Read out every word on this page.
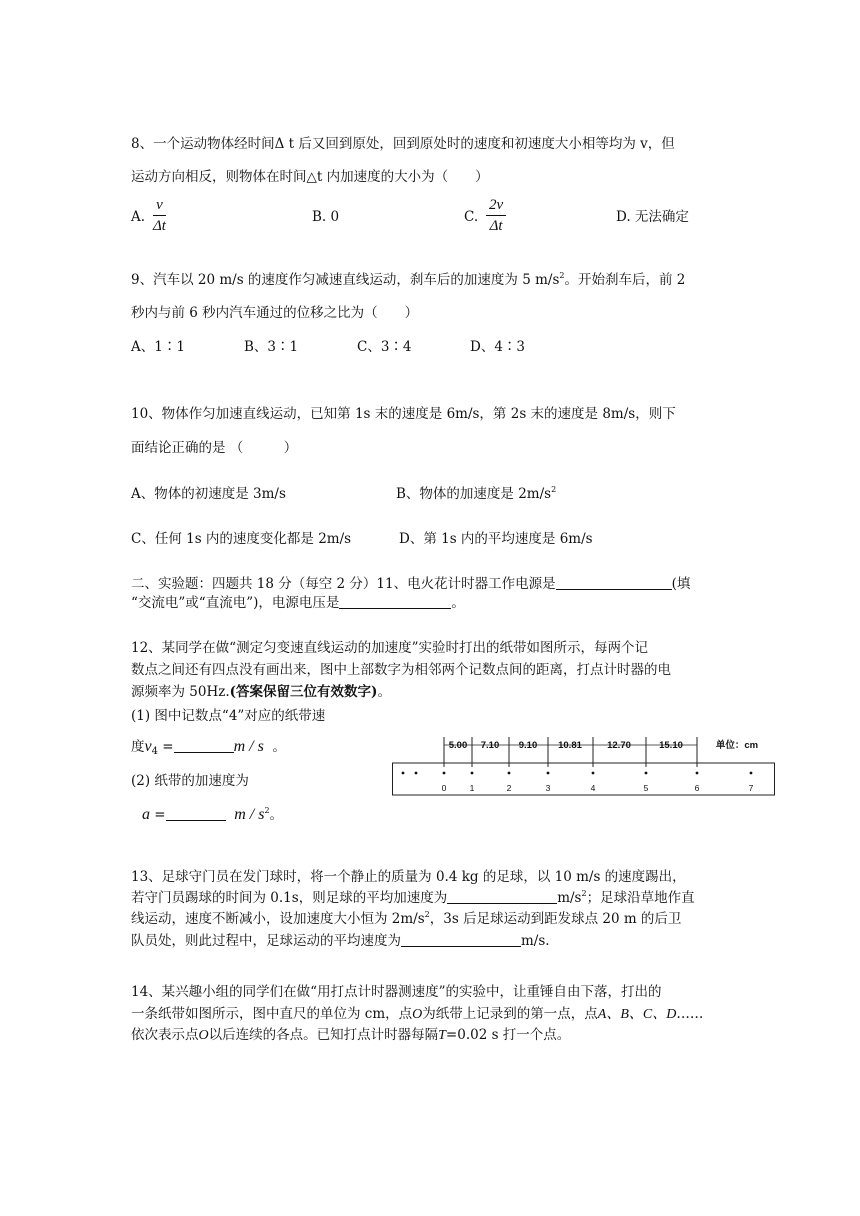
8、一个运动物体经时间Δ t 后又回到原处，回到原处时的速度和初速度大小相等均为 v，但
运动方向相反，则物体在时间△t 内加速度的大小为（　　）
A. $\frac{v}{\Delta t}$	B. 0	C. $\frac{2v}{\Delta t}$	D. 无法确定
9、汽车以 20 m/s 的速度作匀减速直线运动，刹车后的加速度为 5 $m/s^2$。开始刹车后，前 2
秒内与前 6 秒内汽车通过的位移之比为（　　）
A、1∶1	B、3∶1	C、3∶4	D、4∶3
10、物体作匀加速直线运动，已知第 1s 末的速度是 6m/s，第 2s 末的速度是 8m/s，则下
面结论正确的是 （　　　）
A、物体的初速度是 3m/s	B、物体的加速度是 $2m/s^2$
C、任何 1s 内的速度变化都是 2m/s	D、第 1s 内的平均速度是 6m/s
二、实验题：四题共 18 分（每空 2 分）11、电火花计时器工作电源是	(填
“交流电”或“直流电”)，电源电压是	。
12、某同学在做“测定匀变速直线运动的加速度”实验时打出的纸带如图所示，每两个记
数点之间还有四点没有画出来，图中上部数字为相邻两个记数点间的距离，打点计时器的电
源频率为 50Hz.(答案保留三位有效数字)。
(1) 图中记数点“4”对应的纸带速
度$v_4$ =	m / s 。
(2) 纸带的加速度为
a =	m / $s^2$。
5.00 7.10 9.10 10.81	12.70	15.10	单位：cm
0	1	2	3	4	5	6	7
13、足球守门员在发门球时，将一个静止的质量为 0.4 kg 的足球，以 10 m/s 的速度踢出，
若守门员踢球的时间为 0.1s，则足球的平均加速度为	$m/s^2$；足球沿草地作直
线运动，速度不断减小，设加速度大小恒为 $2m/s^2$，3s 后足球运动到距发球点 20 m 的后卫
队员处，则此过程中，足球运动的平均速度为	m/s.
14、某兴趣小组的同学们在做“用打点计时器测速度”的实验中，让重锤自由下落，打出的
一条纸带如图所示，图中直尺的单位为 cm，点O为纸带上记录到的第一点，点A、B、C、D……
依次表示点O以后连续的各点。已知打点计时器每隔T=0.02 s 打一个点。
